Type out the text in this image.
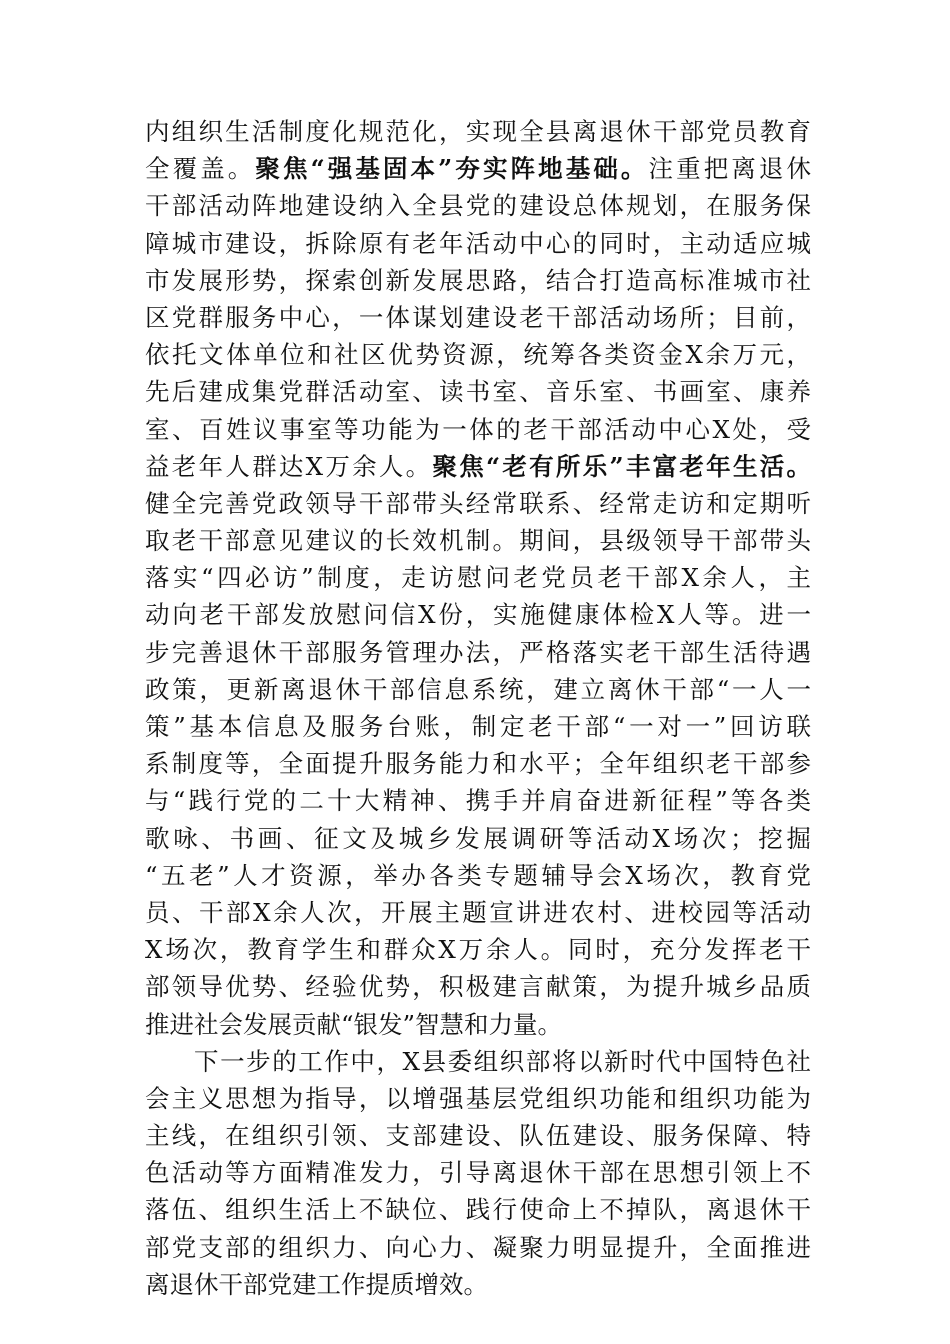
内组织生活制度化规范化，实现全县离退休干部党员教育
全覆盖。聚焦“强基固本”夯实阵地基础。注重把离退休
干部活动阵地建设纳入全县党的建设总体规划，在服务保
障城市建设，拆除原有老年活动中心的同时，主动适应城
市发展形势，探索创新发展思路，结合打造高标准城市社
区党群服务中心，一体谋划建设老干部活动场所；目前，
依托文体单位和社区优势资源，统筹各类资金X余万元，
先后建成集党群活动室、读书室、音乐室、书画室、康养
室、百姓议事室等功能为一体的老干部活动中心X处，受
益老年人群达X万余人。聚焦“老有所乐”丰富老年生活。
健全完善党政领导干部带头经常联系、经常走访和定期听
取老干部意见建议的长效机制。期间，县级领导干部带头
落实“四必访”制度，走访慰问老党员老干部X余人，主
动向老干部发放慰问信X份，实施健康体检X人等。进一
步完善退休干部服务管理办法，严格落实老干部生活待遇
政策，更新离退休干部信息系统，建立离休干部“一人一
策”基本信息及服务台账，制定老干部“一对一”回访联
系制度等，全面提升服务能力和水平；全年组织老干部参
与“践行党的二十大精神、携手并肩奋进新征程”等各类
歌咏、书画、征文及城乡发展调研等活动X场次；挖掘
“五老”人才资源，举办各类专题辅导会X场次，教育党
员、干部X余人次，开展主题宣讲进农村、进校园等活动
X场次，教育学生和群众X万余人。同时，充分发挥老干
部领导优势、经验优势，积极建言献策，为提升城乡品质
推进社会发展贡献“银发”智慧和力量。
下一步的工作中，X县委组织部将以新时代中国特色社
会主义思想为指导，以增强基层党组织功能和组织功能为
主线，在组织引领、支部建设、队伍建设、服务保障、特
色活动等方面精准发力，引导离退休干部在思想引领上不
落伍、组织生活上不缺位、践行使命上不掉队，离退休干
部党支部的组织力、向心力、凝聚力明显提升，全面推进
离退休干部党建工作提质增效。
